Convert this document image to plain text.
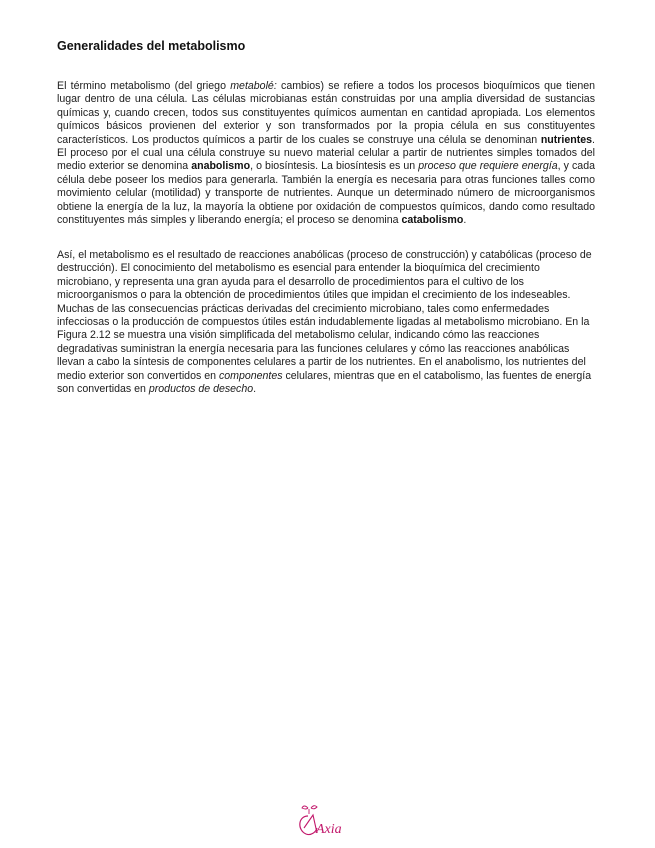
Generalidades del metabolismo

El término metabolismo (del griego metabolé: cambios) se refiere a todos los procesos bioquímicos que tienen lugar dentro de una célula. Las células microbianas están construidas por una amplia diversidad de sustancias químicas y, cuando crecen, todos sus constituyentes químicos aumentan en cantidad apropiada. Los elementos químicos básicos provienen del exterior y son transformados por la propia célula en sus constituyentes característicos. Los productos químicos a partir de los cuales se construye una célula se denominan nutrientes. El proceso por el cual una célula construye su nuevo material celular a partir de nutrientes simples tomados del medio exterior se denomina anabolismo, o biosíntesis. La biosíntesis es un proceso que requiere energía, y cada célula debe poseer los medios para generarla. También la energía es necesaria para otras funciones talles como movimiento celular (motilidad) y transporte de nutrientes. Aunque un determinado número de microorganismos obtiene la energía de la luz, la mayoría la obtiene por oxidación de compuestos químicos, dando como resultado constituyentes más simples y liberando energía; el proceso se denomina catabolismo.

Así, el metabolismo es el resultado de reacciones anabólicas (proceso de construcción) y catabólicas (proceso de destrucción). El conocimiento del metabolismo es esencial para entender la bioquímica del crecimiento microbiano, y representa una gran ayuda para el desarrollo de procedimientos para el cultivo de los microorganismos o para la obtención de procedimientos útiles que impidan el crecimiento de los indeseables. Muchas de las consecuencias prácticas derivadas del crecimiento microbiano, tales como enfermedades infecciosas o la producción de compuestos útiles están indudablemente ligadas al metabolismo microbiano. En la Figura 2.12 se muestra una visión simplificada del metabolismo celular, indicando cómo las reacciones degradativas suministran la energía necesaria para las funciones celulares y cómo las reacciones anabólicas llevan a cabo la síntesis de componentes celulares a partir de los nutrientes. En el anabolismo, los nutrientes del medio exterior son convertidos en componentes celulares, mientras que en el catabolismo, las fuentes de energía son convertidas en productos de desecho.

Axia
